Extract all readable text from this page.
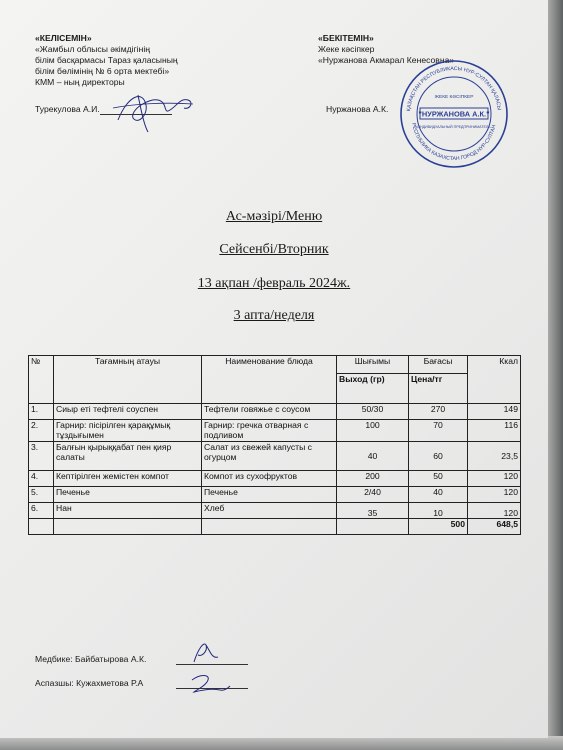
«КЕЛІСЕМІН»
«Жамбыл облысы әкімдігінің
білім басқармасы Тараз қаласының
білім бөлімінің № 6 орта мектебі»
КММ – ның директоры
Турекулова А.И.
«БЕКІТЕМІН»
Жеке кәсіпкер
«Нуржанова Акмарал Кенесовна»
Нуржанова А.К.	ҚАЗАҚСТАН РЕСПУБЛИКАСЫ НУР-СУЛТАН ҚАЛАСЫ
РЕСПУБЛИКА КАЗАХСТАН ГОРОД НУР-СУЛТАН
ЖЕКЕ КӘСІПКЕР
"НУРЖАНОВА А.К."
ИНДИВИДУАЛЬНЫЙ ПРЕДПРИНИМАТЕЛЬ
Ас-мәзірі/Меню
Сейсенбі/Вторник
13 ақпан /февраль 2024ж.
3 апта/неделя
№	Тағамның атауы	Наименование блюда	Шығымы	Бағасы	Ккал
			Выход (гр)	Цена/тг	
1.	Сиыр еті тефтелі соуспен	Тефтели говяжье с соусом	50/30	270	149
2.	Гарнир: пісірілген қарақұмық тұздығымен	Гарнир: гречка отварная с подливом	100	70	116
3.	Балғын қырыққабат пен қияр салаты	Салат из свежей капусты с огурцом	40	60	23,5
4.	Кептірілген жемістен компот	Компот из сухофруктов	200	50	120
5.	Печенье	Печенье	2/40	40	120
6.	Нан	Хлеб	35	10	120
				500	648,5
Медбике: Байбатырова А.К.
Аспазшы: Кужахметова Р.А
